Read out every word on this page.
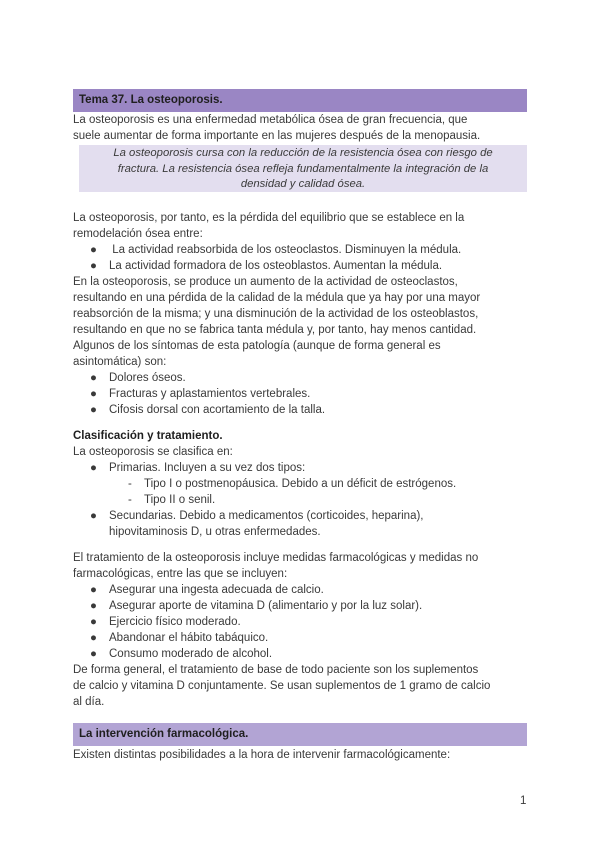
Tema 37. La osteoporosis.

La osteoporosis es una enfermedad metabólica ósea de gran frecuencia, que

suele aumentar de forma importante en las mujeres después de la menopausia.

La osteoporosis cursa con la reducción de la resistencia ósea con riesgo de
fractura. La resistencia ósea refleja fundamentalmente la integración de la
densidad y calidad ósea.

La osteoporosis, por tanto, es la pérdida del equilibrio que se establece en la

remodelación ósea entre:

● La actividad reabsorbida de los osteoclastos. Disminuyen la médula.
● La actividad formadora de los osteoblastos. Aumentan la médula.

En la osteoporosis, se produce un aumento de la actividad de osteoclastos,

resultando en una pérdida de la calidad de la médula que ya hay por una mayor

reabsorción de la misma; y una disminución de la actividad de los osteoblastos,

resultando en que no se fabrica tanta médula y, por tanto, hay menos cantidad.

Algunos de los síntomas de esta patología (aunque de forma general es

asintomática) son:

● Dolores óseos.
● Fracturas y aplastamientos vertebrales.
● Cifosis dorsal con acortamiento de la talla.

Clasificación y tratamiento.

La osteoporosis se clasifica en:

● Primarias. Incluyen a su vez dos tipos:
- Tipo I o postmenopáusica. Debido a un déficit de estrógenos.
- Tipo II o senil.
● Secundarias. Debido a medicamentos (corticoides, heparina),
hipovitaminosis D, u otras enfermedades.

El tratamiento de la osteoporosis incluye medidas farmacológicas y medidas no

farmacológicas, entre las que se incluyen:

● Asegurar una ingesta adecuada de calcio.
● Asegurar aporte de vitamina D (alimentario y por la luz solar).
● Ejercicio físico moderado.
● Abandonar el hábito tabáquico.
● Consumo moderado de alcohol.

De forma general, el tratamiento de base de todo paciente son los suplementos

de calcio y vitamina D conjuntamente. Se usan suplementos de 1 gramo de calcio

al día.

La intervención farmacológica.

Existen distintas posibilidades a la hora de intervenir farmacológicamente:

1
